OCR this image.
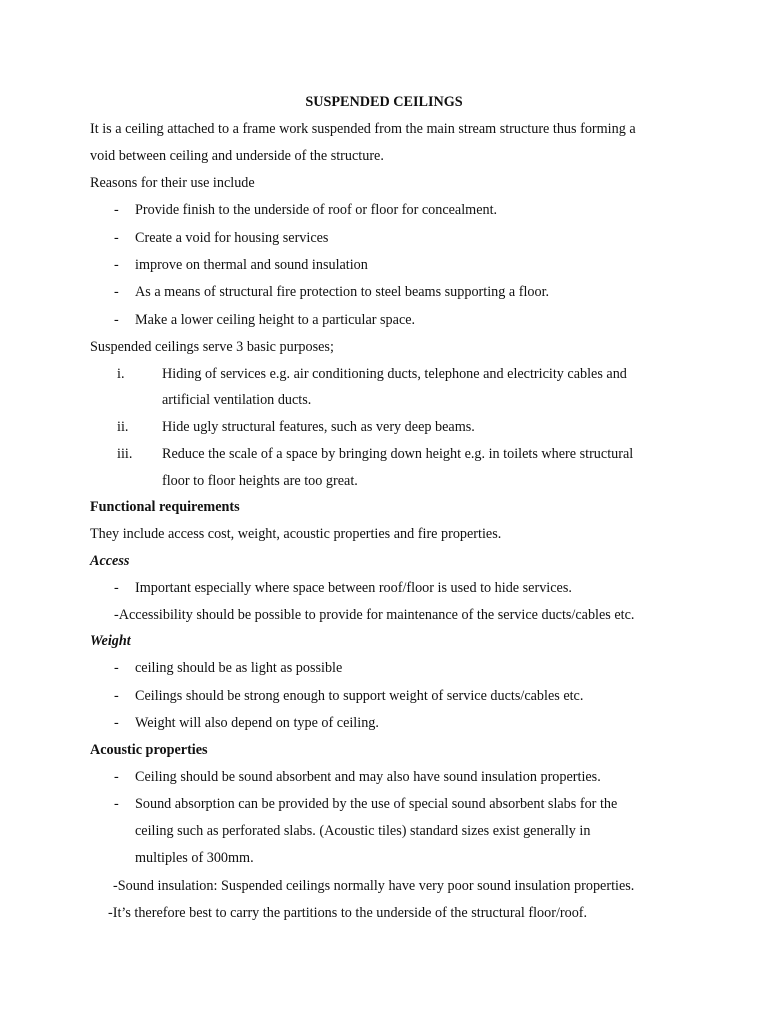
SUSPENDED CEILINGS
It is a ceiling attached to a frame work suspended from the main stream structure thus forming a
void between ceiling and underside of the structure.
Reasons for their use include
- Provide finish to the underside of roof or floor for concealment.
- Create a void for housing services
- improve on thermal and sound insulation
- As a means of structural fire protection to steel beams supporting a floor.
- Make a lower ceiling height to a particular space.
Suspended ceilings serve 3 basic purposes;
i.	Hiding of services e.g. air conditioning ducts, telephone and electricity cables and
artificial ventilation ducts.
ii. Hide ugly structural features, such as very deep beams.
iii. Reduce the scale of a space by bringing down height e.g. in toilets where structural
floor to floor heights are too great.
Functional requirements
They include access cost, weight, acoustic properties and fire properties.
Access
- Important especially where space between roof/floor is used to hide services.
-Accessibility should be possible to provide for maintenance of the service ducts/cables etc.
Weight
- ceiling should be as light as possible
- Ceilings should be strong enough to support weight of service ducts/cables etc.
- Weight will also depend on type of ceiling.
Acoustic properties
- Ceiling should be sound absorbent and may also have sound insulation properties.
- Sound absorption can be provided by the use of special sound absorbent slabs for the
ceiling such as perforated slabs. (Acoustic tiles) standard sizes exist generally in
multiples of 300mm.
-Sound insulation: Suspended ceilings normally have very poor sound insulation properties.
-It’s therefore best to carry the partitions to the underside of the structural floor/roof.
